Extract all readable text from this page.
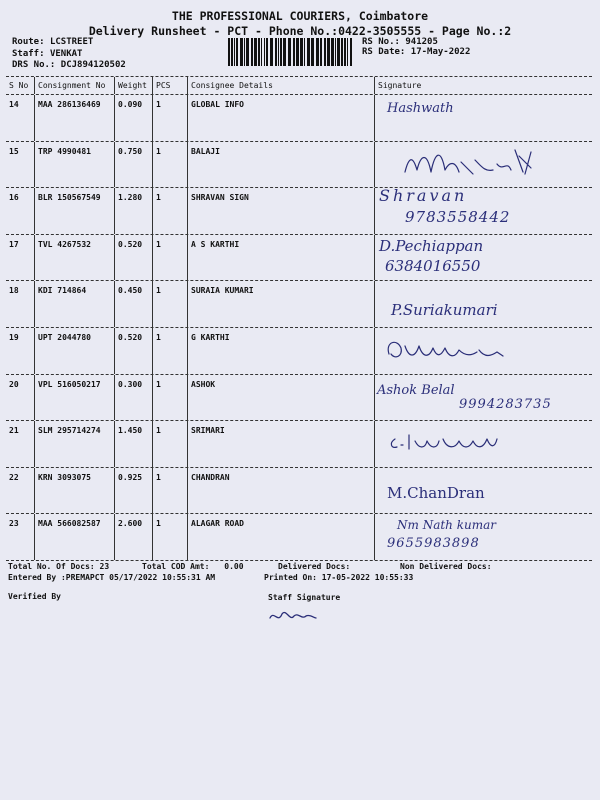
THE PROFESSIONAL COURIERS, Coimbatore
Delivery Runsheet - PCT - Phone No.:0422-3505555 - Page No.:2
Route: LCSTREET
Staff: VENKAT
DRS No.: DCJ894120502
RS No.: 941205
RS Date: 17-May-2022
S No	Consignment No	Weight	PCS	Consignee Details	Signature
14	MAA 286136469	0.090	1	GLOBAL INFO	Hashwath
15	TRP 4990481	0.750	1	BALAJI
16	BLR 150567549	1.280	1	SHRAVAN SIGN	Shravan
9783558442
17	TVL 4267532	0.520	1	A S KARTHI	D.Pechiappan
6384016550
18	KDI 714864	0.450	1	SURAIA KUMARI
P.Suriakumari
19	UPT 2044780	0.520	1	G KARTHI
20	VPL 516050217	0.300	1	ASHOK	Ashok Belal
9994283735
21	SLM 295714274	1.450	1	SRIMARI
22	KRN 3093075	0.925	1	CHANDRAN
M.ChanDran
23	MAA 566082587	2.600	1	ALAGAR ROAD	Nm Nath kumar
9655983898
Total No. Of Docs: 23	Total COD Amt: 0.00	Delivered Docs:	Non Delivered Docs:
Entered By :PREMAPCT 05/17/2022 10:55:31 AM	Printed On: 17-05-2022 10:55:33
Verified By	Staff Signature
